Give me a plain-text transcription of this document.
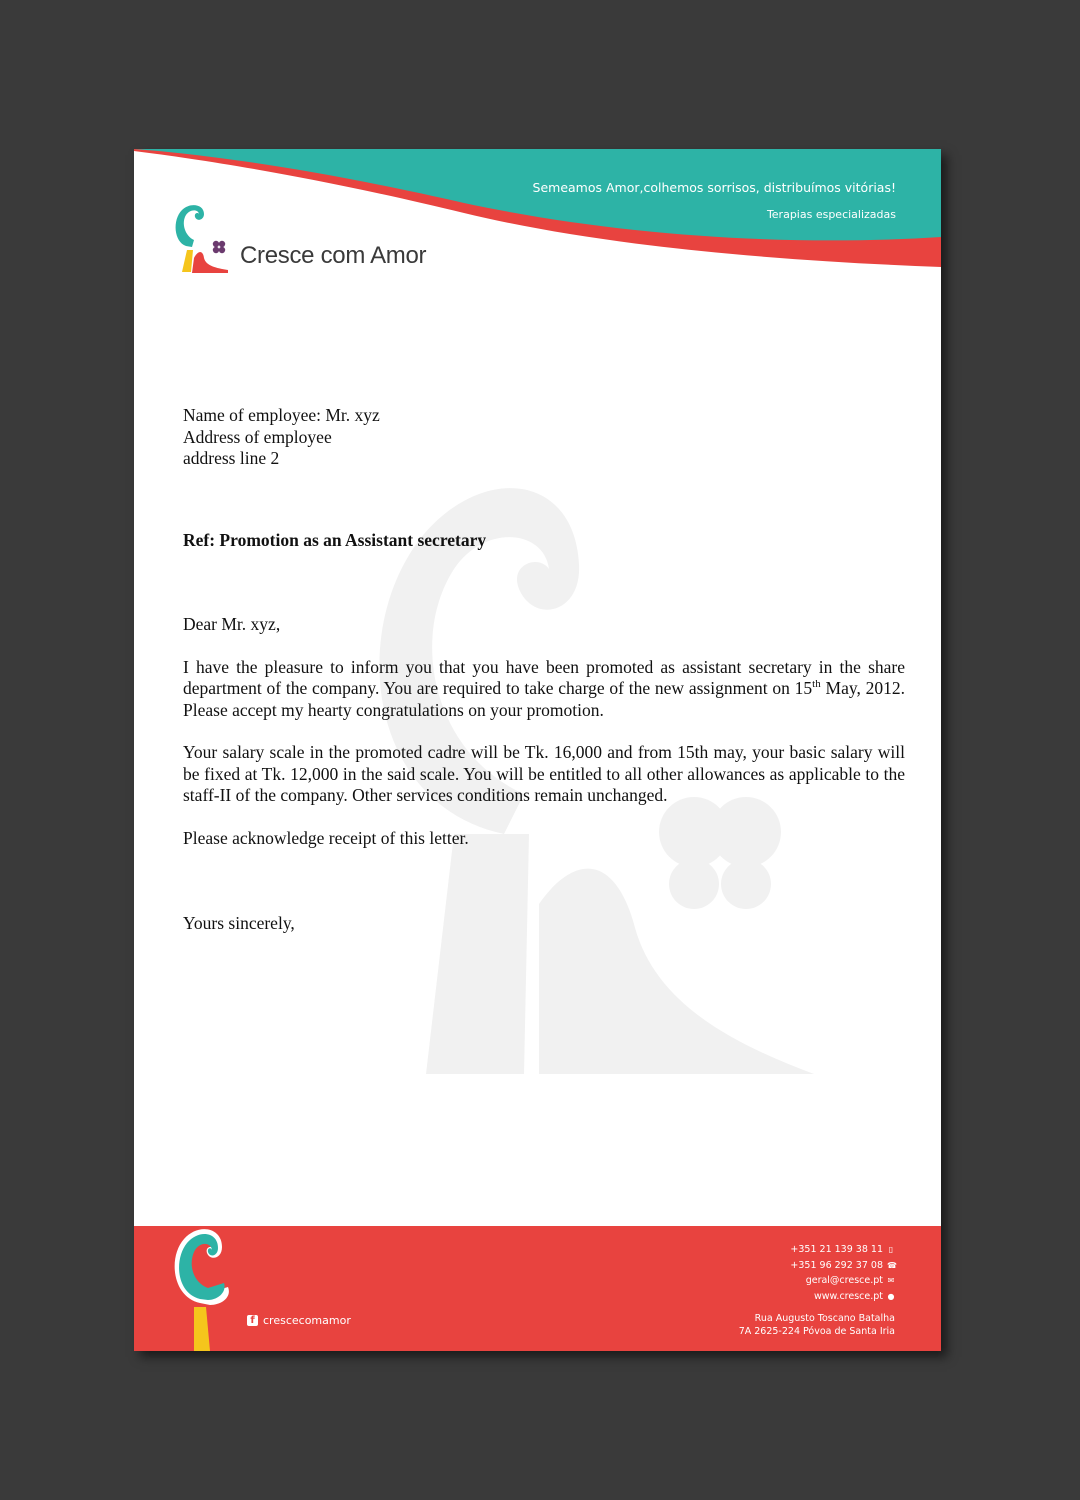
Semeamos Amor,colhemos sorrisos, distribuímos vitórias!
Terapias especializadas
Cresce com Amor

Name of employee: Mr. xyz
Address of employee
address line 2

Ref: Promotion as an Assistant secretary

Dear Mr. xyz,

I have the pleasure to inform you that you have been promoted as assistant secretary in the share department of the company. You are required to take charge of the new assignment on 15th May, 2012. Please accept my hearty congratulations on your promotion.

Your salary scale in the promoted cadre will be Tk. 16,000 and from 15th may, your basic salary will be fixed at Tk. 12,000 in the said scale. You will be entitled to all other allowances as applicable to the staff-II of the company. Other services conditions remain unchanged.

Please acknowledge receipt of this letter.

Yours sincerely,

f crescecomamor
+351 21 139 38 11 ▯
+351 96 292 37 08 ☎
geral@cresce.pt ✉
www.cresce.pt ●
Rua Augusto Toscano Batalha
7A 2625-224 Póvoa de Santa Iria
